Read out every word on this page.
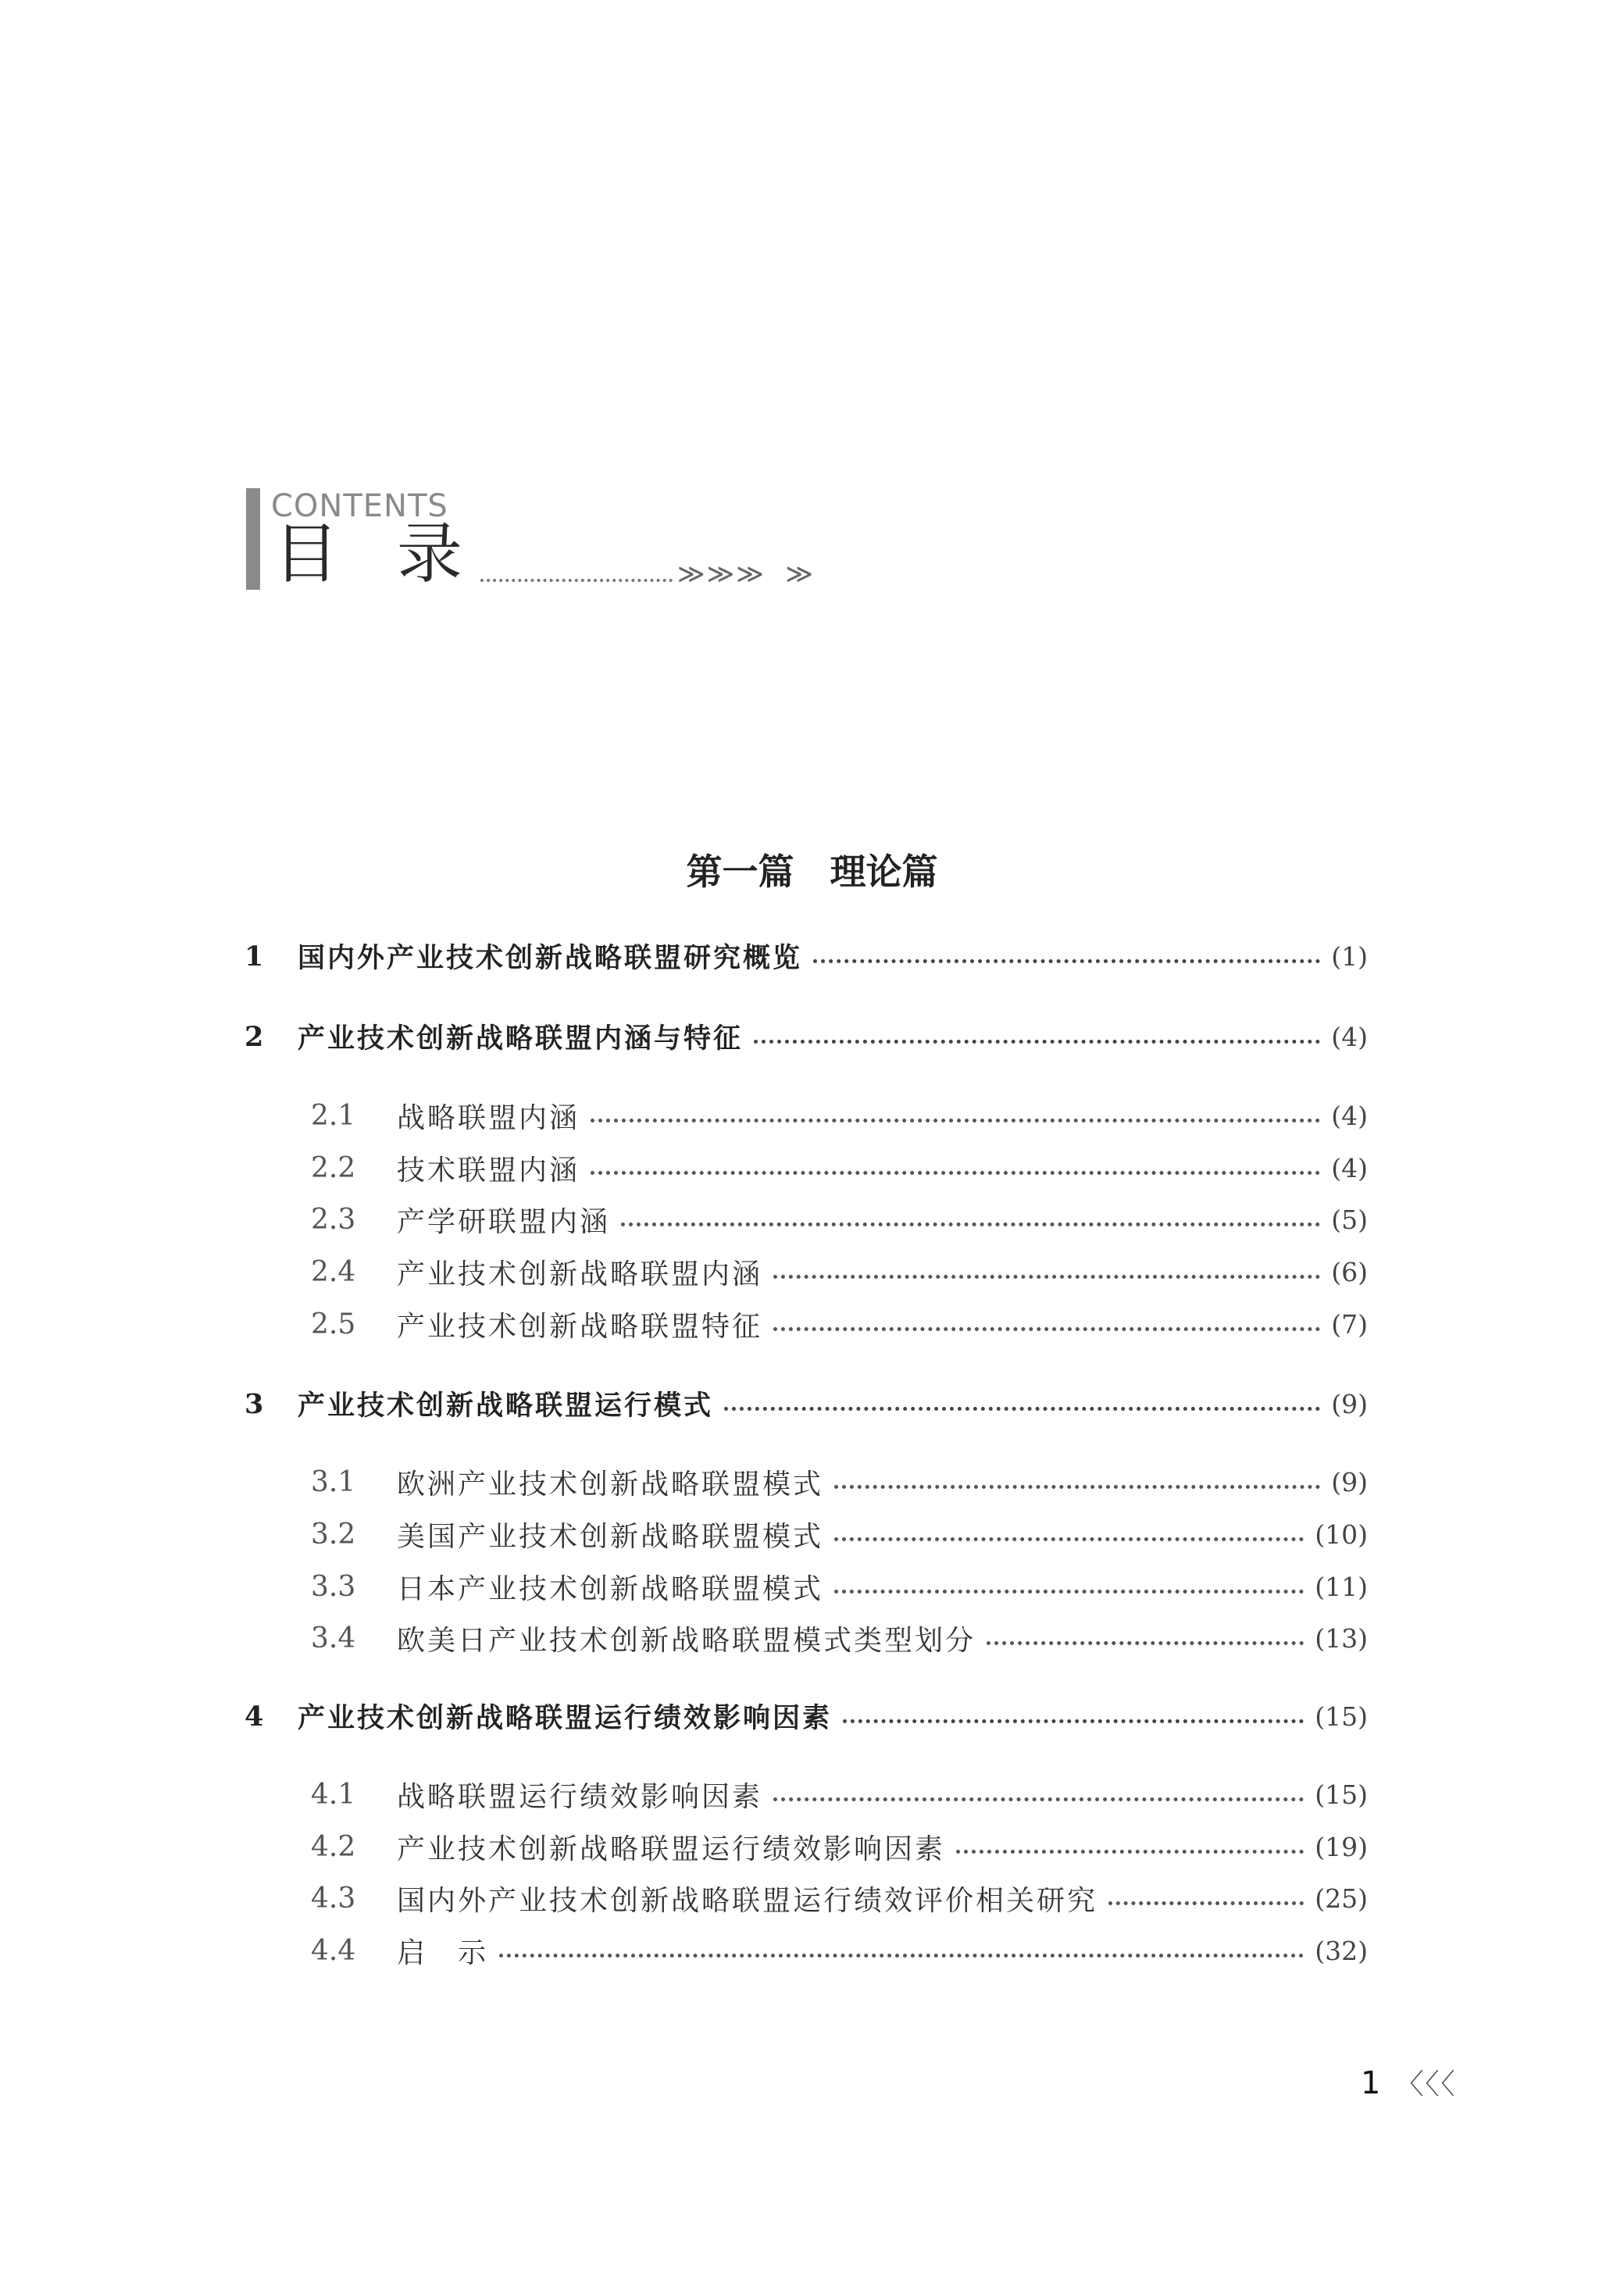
CONTENTS
目录	≫≫≫  ≫
第一篇　理论篇
1	国内外产业技术创新战略联盟研究概览	(1)
2	产业技术创新战略联盟内涵与特征	(4)
2.1	战略联盟内涵	(4)
2.2	技术联盟内涵	(4)
2.3	产学研联盟内涵	(5)
2.4	产业技术创新战略联盟内涵	(6)
2.5	产业技术创新战略联盟特征	(7)
3	产业技术创新战略联盟运行模式	(9)
3.1	欧洲产业技术创新战略联盟模式	(9)
3.2	美国产业技术创新战略联盟模式	(10)
3.3	日本产业技术创新战略联盟模式	(11)
3.4	欧美日产业技术创新战略联盟模式类型划分	(13)
4	产业技术创新战略联盟运行绩效影响因素	(15)
4.1	战略联盟运行绩效影响因素	(15)
4.2	产业技术创新战略联盟运行绩效影响因素	(19)
4.3	国内外产业技术创新战略联盟运行绩效评价相关研究	(25)
4.4	启　示	(32)
1 〈〈〈
